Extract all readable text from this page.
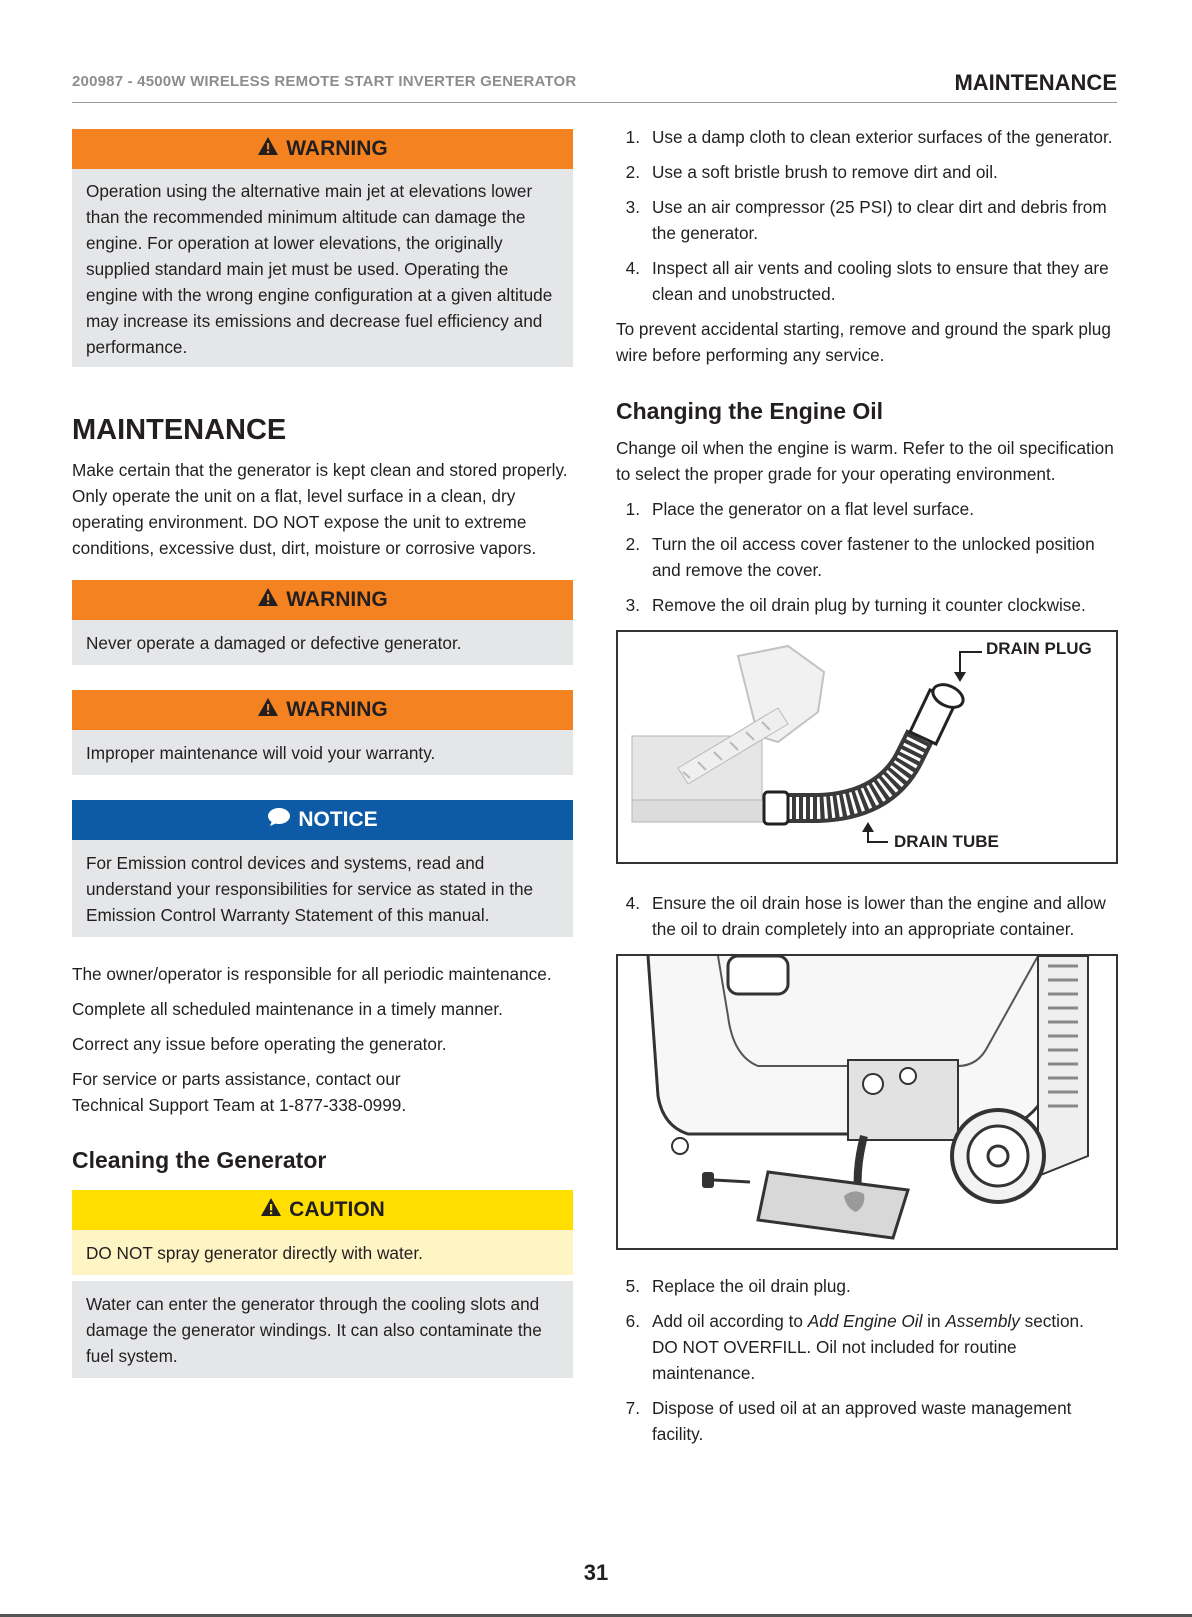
200987 - 4500W WIRELESS REMOTE START INVERTER GENERATOR	MAINTENANCE
WARNING
Operation using the alternative main jet at elevations lower than the recommended minimum altitude can damage the engine. For operation at lower elevations, the originally supplied standard main jet must be used. Operating the engine with the wrong engine configuration at a given altitude may increase its emissions and decrease fuel efficiency and performance.
MAINTENANCE
Make certain that the generator is kept clean and stored properly. Only operate the unit on a flat, level surface in a clean, dry operating environment. DO NOT expose the unit to extreme conditions, excessive dust, dirt, moisture or corrosive vapors.
WARNING
Never operate a damaged or defective generator.
WARNING
Improper maintenance will void your warranty.
NOTICE
For Emission control devices and systems, read and understand your responsibilities for service as stated in the Emission Control Warranty Statement of this manual.

The owner/operator is responsible for all periodic maintenance.

Complete all scheduled maintenance in a timely manner.

Correct any issue before operating the generator.

For service or parts assistance, contact our
Technical Support Team at 1-877-338-0999.

Cleaning the Generator
CAUTION
DO NOT spray generator directly with water.
Water can enter the generator through the cooling slots and damage the generator windings. It can also contaminate the fuel system.
1. Use a damp cloth to clean exterior surfaces of the generator.
2. Use a soft bristle brush to remove dirt and oil.
3. Use an air compressor (25 PSI) to clear dirt and debris from the generator.
4. Inspect all air vents and cooling slots to ensure that they are clean and unobstructed.

To prevent accidental starting, remove and ground the spark plug wire before performing any service.

Changing the Engine Oil

Change oil when the engine is warm. Refer to the oil specification to select the proper grade for your operating environment.

1. Place the generator on a flat level surface.
2. Turn the oil access cover fastener to the unlocked position and remove the cover.
3. Remove the oil drain plug by turning it counter clockwise.
DRAIN PLUG
DRAIN TUBE
4. Ensure the oil drain hose is lower than the engine and allow the oil to drain completely into an appropriate container.
5. Replace the oil drain plug.
6. Add oil according to Add Engine Oil in Assembly section.
DO NOT OVERFILL. Oil not included for routine maintenance.
7. Dispose of used oil at an approved waste management facility.
31
